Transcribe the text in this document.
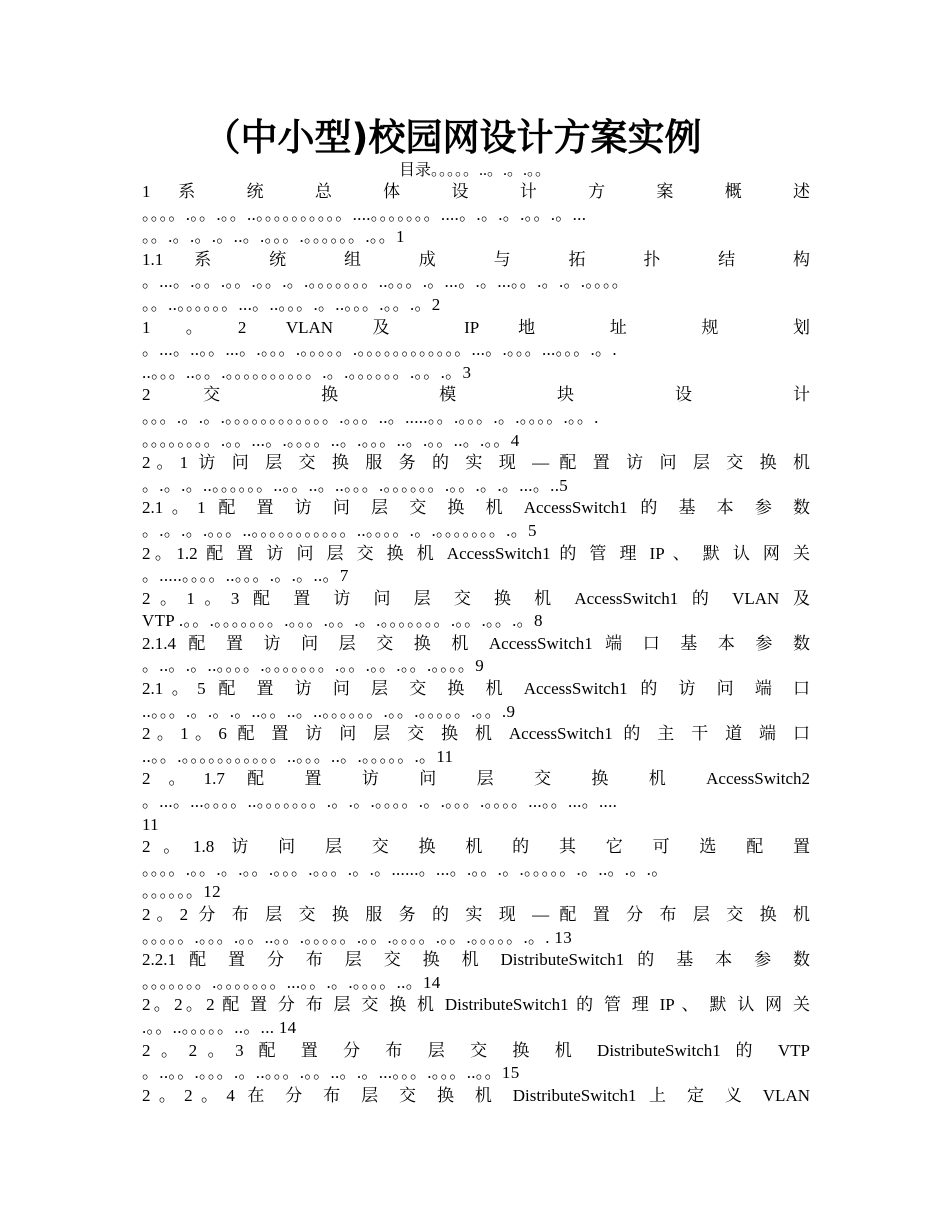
（中小型)校园网设计方案实例
目录。。。。。..。.。.。。
1 系 统 总 体 设 计 方 案 概 述
。。。。.。。.。。..。。。。。。。。。。....。。。。。。。....。.。.。.。。.。...
。。.。.。.。..。.。。。.。。。。。。.。。1
1.1 系 统 组 成 与 拓 扑 结 构
。...。.。。.。。.。。.。.。。。。。。。..。。。.。...。.。...。。.。.。.。。。。
。。..。。。。。。...。..。。。.。..。。。.。。.。2
1。2 VLAN 及 IP 地 址 规 划
。...。..。。...。.。。。.。。。。。.。。。。。。。。。。。。...。.。。。...。。。.。.
..。。。..。。.。。。。。。。。。。.。.。。。。。。.。。.。3
2 交 换 模 块 设 计
。。。.。.。.。。。。。。。。。。。。.。。。..。.....。。.。。。.。.。。。。.。。.
。。。。。。。。.。。...。.。。。。..。.。。。..。.。。..。.。。4
2。1 访 问 层 交 换 服 务 的 实 现 — 配 置 访 问 层 交 换 机
。.。.。..。。。。。。..。。..。..。。。.。。。。。。.。。.。.。...。..5
2.1。1 配 置 访 问 层 交 换 机 AccessSwitch1 的 基 本 参 数
。.。.。.。。。..。。。。。。。。。。。..。。。。.。.。。。。。。。.。5
2。1.2 配 置 访 问 层 交 换 机 AccessSwitch1 的 管 理 IP 、 默 认 网 关
。.....。。。。..。。。.。.。..。7
2。1。3 配 置 访 问 层 交 换 机 AccessSwitch1 的 VLAN 及
VTP .。。.。。。。。。。.。。。.。。.。.。。。。。。。.。。.。。.。8
2.1.4 配 置 访 问 层 交 换 机 AccessSwitch1 端 口 基 本 参 数
。..。.。..。。。。.。。。。。。。.。。.。。.。。.。。。。9
2.1。5 配 置 访 问 层 交 换 机 AccessSwitch1 的 访 问 端 口
..。。。.。.。.。..。。..。..。。。。。。.。。.。。。。。.。。.9
2。1。6 配 置 访 问 层 交 换 机 AccessSwitch1 的 主 干 道 端 口
..。。.。。。。。。。。。。。..。。。..。.。。。。。.。11
2。1.7 配 置 访 问 层 交 换 机 AccessSwitch2
。...。...。。。。..。。。。。。。.。.。.。。。。.。.。。。.。。。。...。。...。....
11
2。1.8 访 问 层 交 换 机 的 其 它 可 选 配 置
。。。。.。。.。.。。.。。。.。。。.。.。......。...。.。。.。.。。。。。.。..。.。.。
。。。。。。12
2。2 分 布 层 交 换 服 务 的 实 现 — 配 置 分 布 层 交 换 机
。。。。。.。。。.。。..。。.。。。。。.。。.。。。。.。。.。。。。。.。. 13
2.2.1 配 置 分 布 层 交 换 机 DistributeSwitch1 的 基 本 参 数
。。。。。。。.。。。。。。。...。。.。.。。。。..。14
2。2。2 配 置 分 布 层 交 换 机 DistributeSwitch1 的 管 理 IP 、 默 认 网 关
.。。..。。。。。..。... 14
2。2。3 配 置 分 布 层 交 换 机 DistributeSwitch1 的 VTP
。..。。.。。。.。..。。。.。。..。.。...。。。.。。。..。。15
2。2。4 在 分 布 层 交 换 机 DistributeSwitch1 上 定 义 VLAN
